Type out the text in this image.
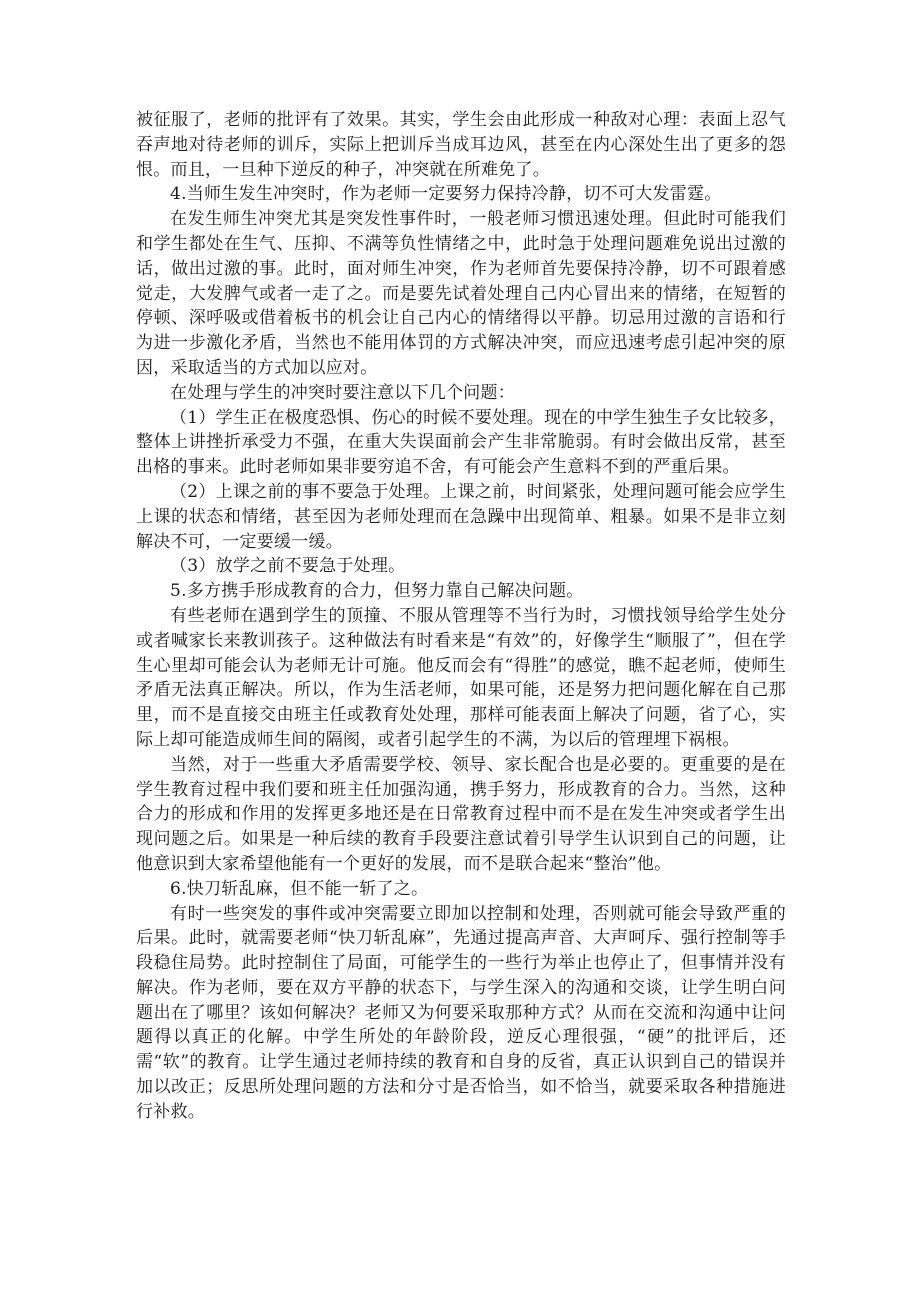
被征服了，老师的批评有了效果。其实，学生会由此形成一种敌对心理：表面上忍气吞声地对待老师的训斥，实际上把训斥当成耳边风，甚至在内心深处生出了更多的怨恨。而且，一旦种下逆反的种子，冲突就在所难免了。

4.当师生发生冲突时，作为老师一定要努力保持冷静，切不可大发雷霆。

在发生师生冲突尤其是突发性事件时，一般老师习惯迅速处理。但此时可能我们和学生都处在生气、压抑、不满等负性情绪之中，此时急于处理问题难免说出过激的话，做出过激的事。此时，面对师生冲突，作为老师首先要保持冷静，切不可跟着感觉走，大发脾气或者一走了之。而是要先试着处理自己内心冒出来的情绪，在短暂的停顿、深呼吸或借着板书的机会让自己内心的情绪得以平静。切忌用过激的言语和行为进一步激化矛盾，当然也不能用体罚的方式解决冲突，而应迅速考虑引起冲突的原因，采取适当的方式加以应对。

在处理与学生的冲突时要注意以下几个问题：

（1）学生正在极度恐惧、伤心的时候不要处理。现在的中学生独生子女比较多，整体上讲挫折承受力不强，在重大失误面前会产生非常脆弱。有时会做出反常，甚至出格的事来。此时老师如果非要穷追不舍，有可能会产生意料不到的严重后果。

（2）上课之前的事不要急于处理。上课之前，时间紧张，处理问题可能会应学生上课的状态和情绪，甚至因为老师处理而在急躁中出现简单、粗暴。如果不是非立刻解决不可，一定要缓一缓。

（3）放学之前不要急于处理。

5.多方携手形成教育的合力，但努力靠自己解决问题。

有些老师在遇到学生的顶撞、不服从管理等不当行为时，习惯找领导给学生处分或者喊家长来教训孩子。这种做法有时看来是“有效”的，好像学生“顺服了”，但在学生心里却可能会认为老师无计可施。他反而会有“得胜”的感觉，瞧不起老师，使师生矛盾无法真正解决。所以，作为生活老师，如果可能，还是努力把问题化解在自己那里，而不是直接交由班主任或教育处处理，那样可能表面上解决了问题，省了心，实际上却可能造成师生间的隔阂，或者引起学生的不满，为以后的管理埋下祸根。

当然，对于一些重大矛盾需要学校、领导、家长配合也是必要的。更重要的是在学生教育过程中我们要和班主任加强沟通，携手努力，形成教育的合力。当然，这种合力的形成和作用的发挥更多地还是在日常教育过程中而不是在发生冲突或者学生出现问题之后。如果是一种后续的教育手段要注意试着引导学生认识到自己的问题，让他意识到大家希望他能有一个更好的发展，而不是联合起来“整治”他。

6.快刀斩乱麻，但不能一斩了之。

有时一些突发的事件或冲突需要立即加以控制和处理，否则就可能会导致严重的后果。此时，就需要老师“快刀斩乱麻”，先通过提高声音、大声呵斥、强行控制等手段稳住局势。此时控制住了局面，可能学生的一些行为举止也停止了，但事情并没有解决。作为老师，要在双方平静的状态下，与学生深入的沟通和交谈，让学生明白问题出在了哪里？该如何解决？老师又为何要采取那种方式？从而在交流和沟通中让问题得以真正的化解。中学生所处的年龄阶段，逆反心理很强，“硬”的批评后，还需“软”的教育。让学生通过老师持续的教育和自身的反省，真正认识到自己的错误并加以改正；反思所处理问题的方法和分寸是否恰当，如不恰当，就要采取各种措施进行补救。
